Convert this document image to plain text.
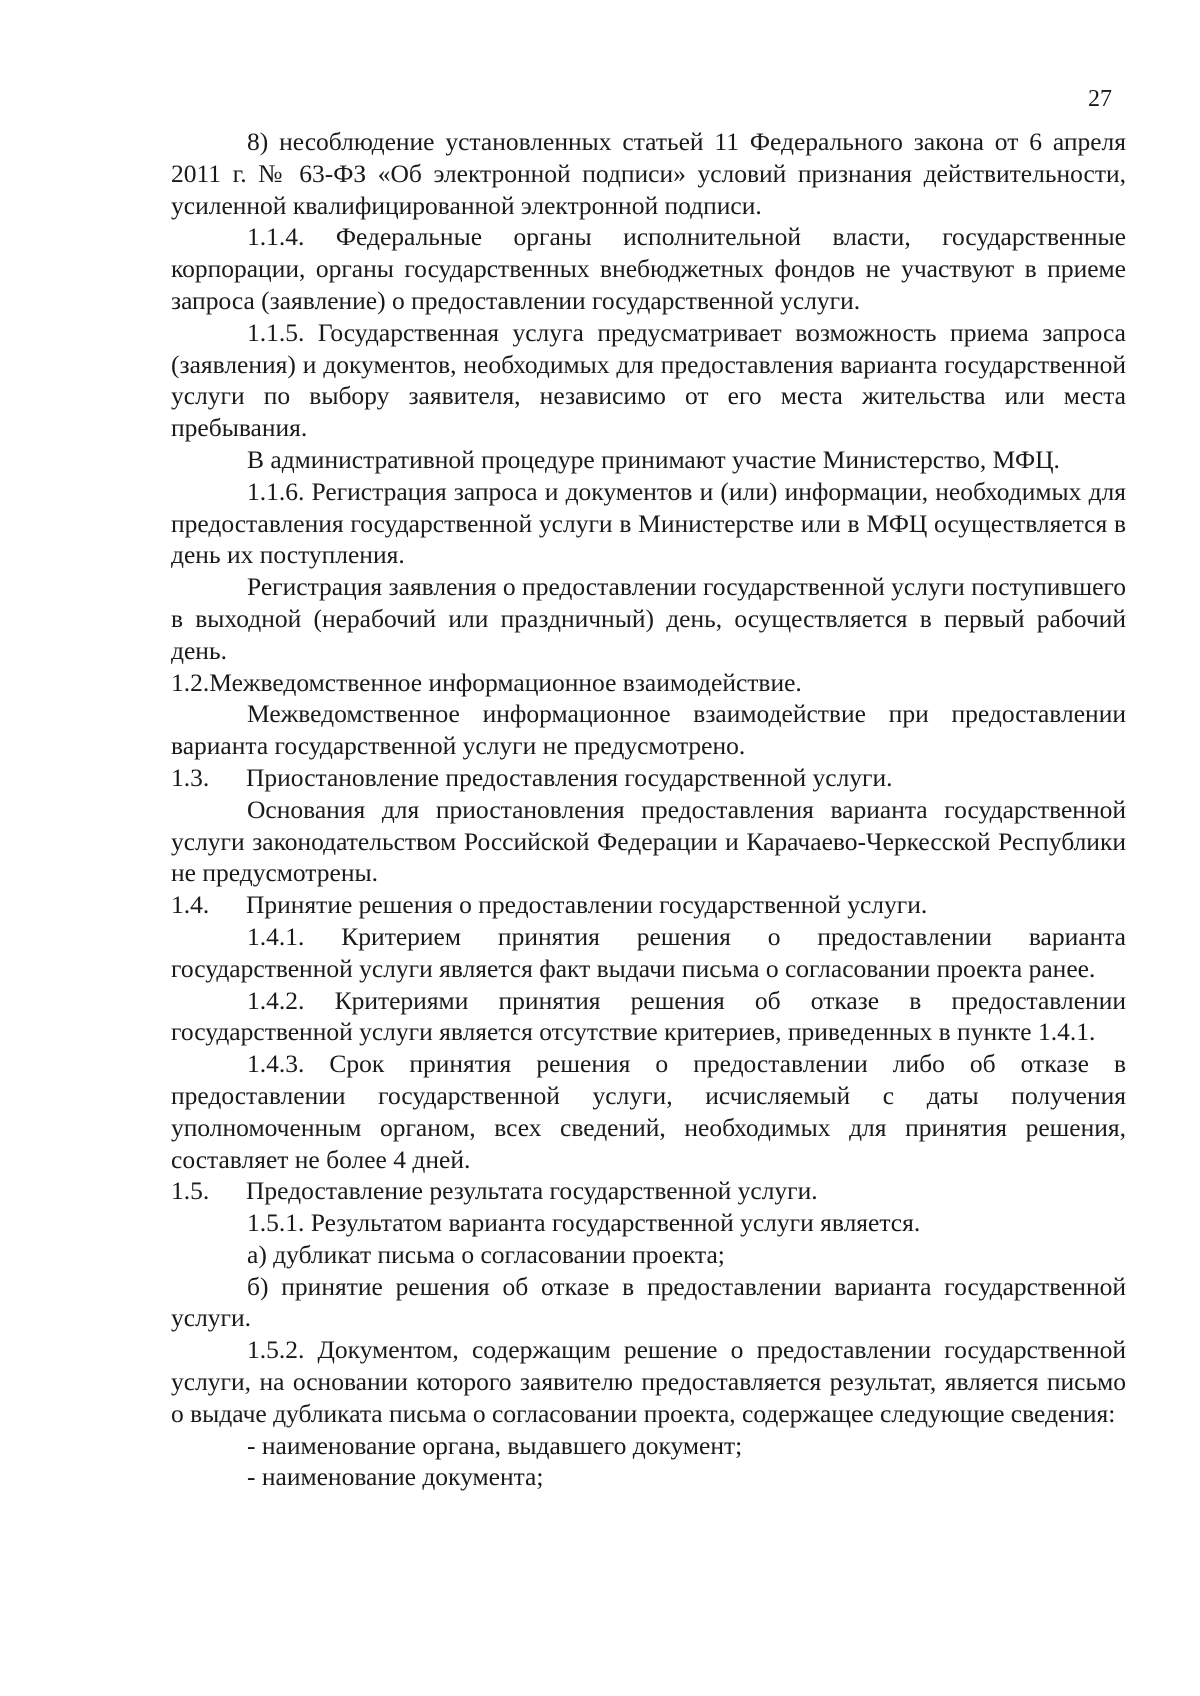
27

8) несоблюдение установленных статьей 11 Федерального закона от 6 апреля 2011 г. № 63-ФЗ «Об электронной подписи» условий признания действительности, усиленной квалифицированной электронной подписи.

1.1.4. Федеральные органы исполнительной власти, государственные корпорации, органы государственных внебюджетных фондов не участвуют в приеме запроса (заявление) о предоставлении государственной услуги.

1.1.5. Государственная услуга предусматривает возможность приема запроса (заявления) и документов, необходимых для предоставления варианта государственной услуги по выбору заявителя, независимо от его места жительства или места пребывания.

В административной процедуре принимают участие Министерство, МФЦ.

1.1.6. Регистрация запроса и документов и (или) информации, необходимых для предоставления государственной услуги в Министерстве или в МФЦ осуществляется в день их поступления.

Регистрация заявления о предоставлении государственной услуги поступившего в выходной (нерабочий или праздничный) день, осуществляется в первый рабочий день.

1.2.Межведомственное информационное взаимодействие.

Межведомственное информационное взаимодействие при предоставлении варианта государственной услуги не предусмотрено.

1.3.	Приостановление предоставления государственной услуги.

Основания для приостановления предоставления варианта государственной услуги законодательством Российской Федерации и Карачаево-Черкесской Республики не предусмотрены.

1.4.	Принятие решения о предоставлении государственной услуги.

1.4.1. Критерием принятия решения о предоставлении варианта государственной услуги является факт выдачи письма о согласовании проекта ранее.

1.4.2. Критериями принятия решения об отказе в предоставлении государственной услуги является отсутствие критериев, приведенных в пункте 1.4.1.

1.4.3. Срок принятия решения о предоставлении либо об отказе в предоставлении государственной услуги, исчисляемый с даты получения уполномоченным органом, всех сведений, необходимых для принятия решения, составляет не более 4 дней.

1.5.	Предоставление результата государственной услуги.

1.5.1. Результатом варианта государственной услуги является.

а) дубликат письма о согласовании проекта;

б) принятие решения об отказе в предоставлении варианта государственной услуги.

1.5.2. Документом, содержащим решение о предоставлении государственной услуги, на основании которого заявителю предоставляется результат, является письмо о выдаче дубликата письма о согласовании проекта, содержащее следующие сведения:

- наименование органа, выдавшего документ;

- наименование документа;
